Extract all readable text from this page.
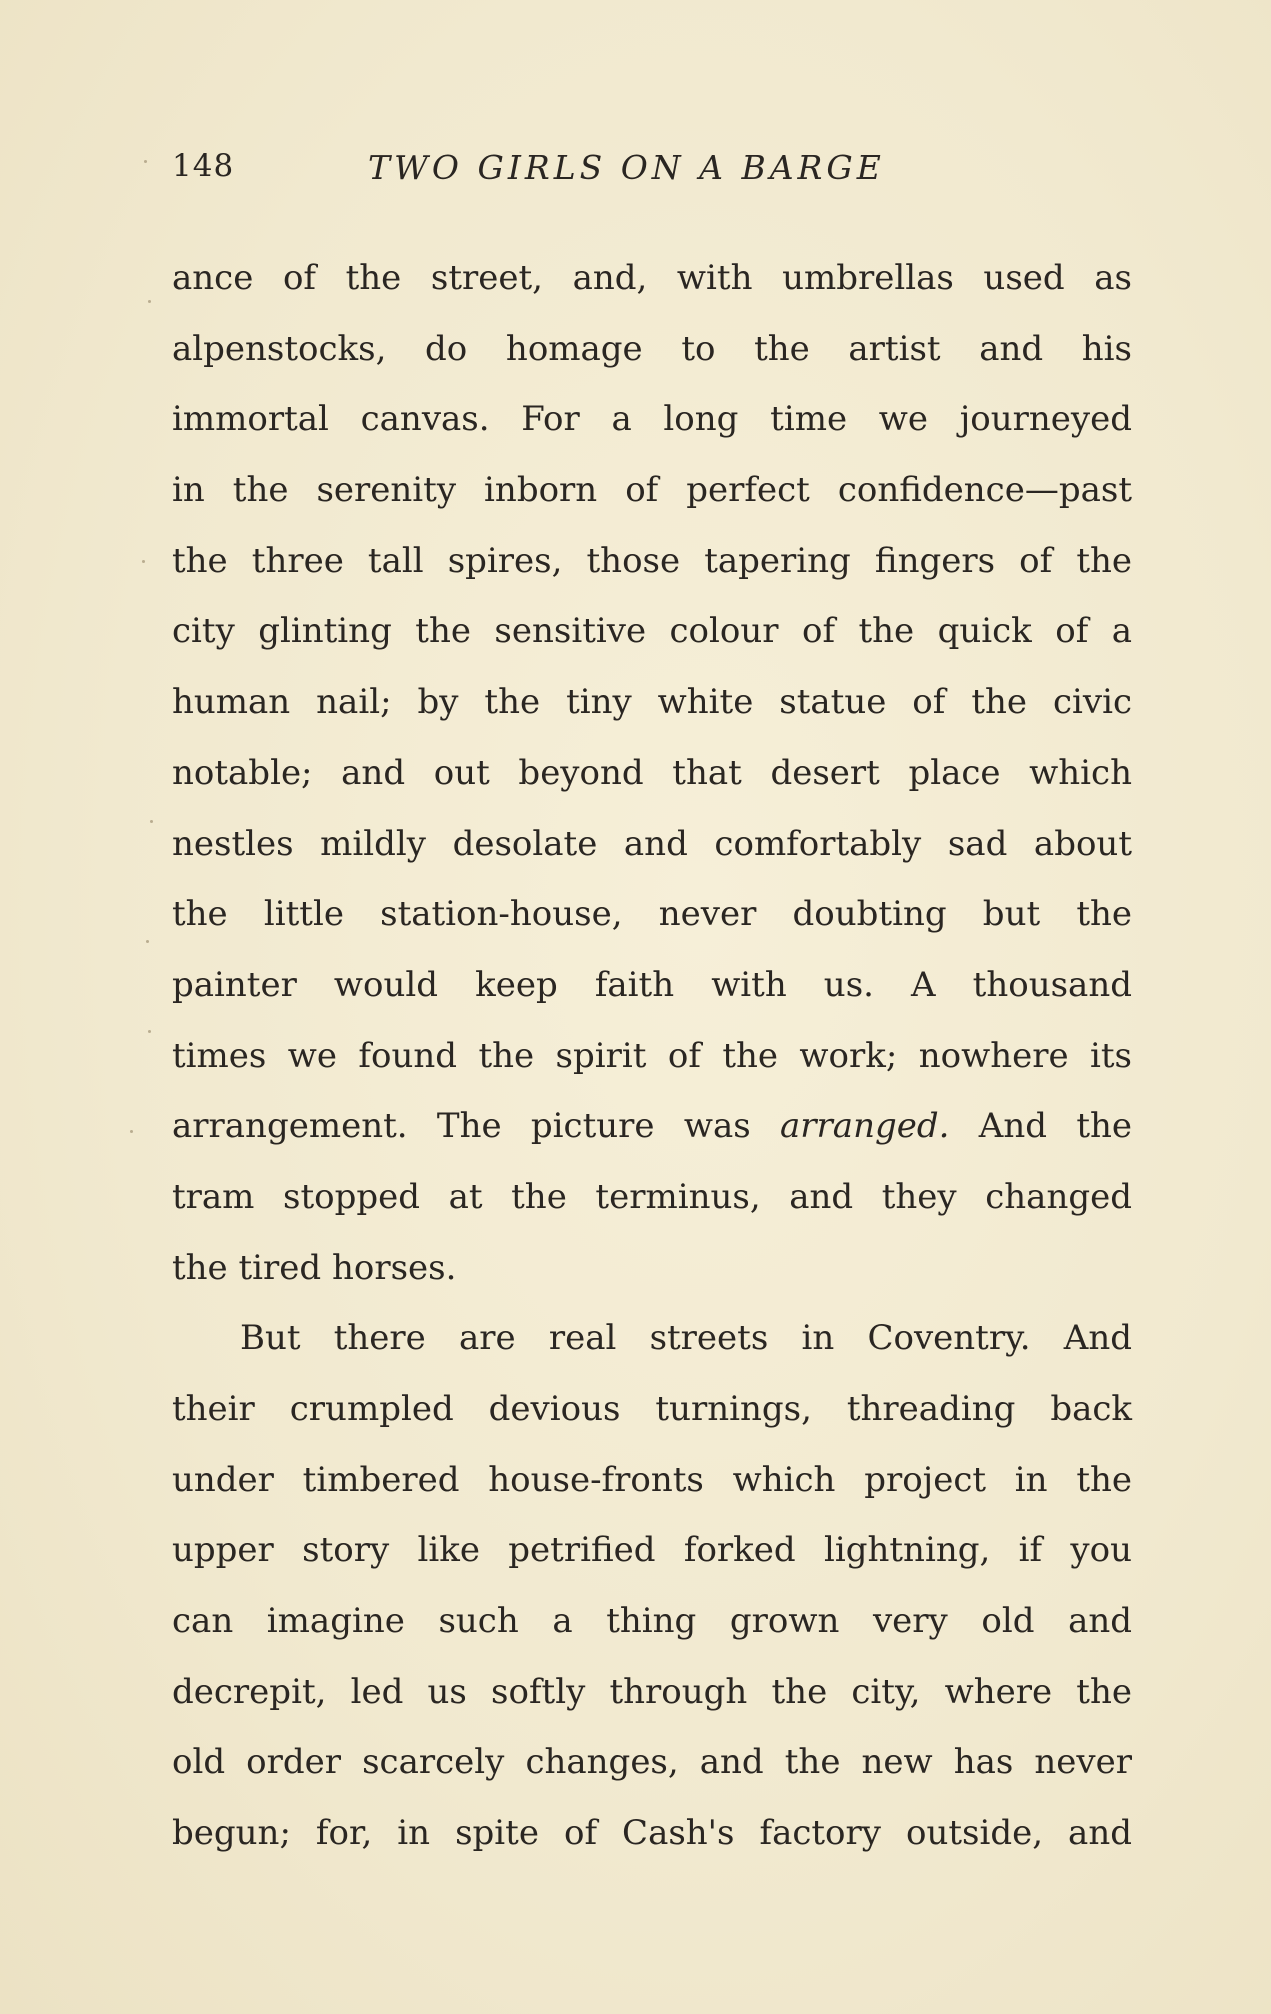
148	TWO GIRLS ON A BARGE
ance of the street, and, with umbrellas used as
alpenstocks, do homage to the artist and his
immortal canvas. For a long time we journeyed
in the serenity inborn of perfect confidence—past
the three tall spires, those tapering fingers of the
city glinting the sensitive colour of the quick of a
human nail; by the tiny white statue of the civic
notable; and out beyond that desert place which
nestles mildly desolate and comfortably sad about
the little station-house, never doubting but the
painter would keep faith with us. A thousand
times we found the spirit of the work; nowhere its
arrangement. The picture was arranged. And the
tram stopped at the terminus, and they changed
the tired horses.
But there are real streets in Coventry. And
their crumpled devious turnings, threading back
under timbered house-fronts which project in the
upper story like petrified forked lightning, if you
can imagine such a thing grown very old and
decrepit, led us softly through the city, where the
old order scarcely changes, and the new has never
begun; for, in spite of Cash's factory outside, and
